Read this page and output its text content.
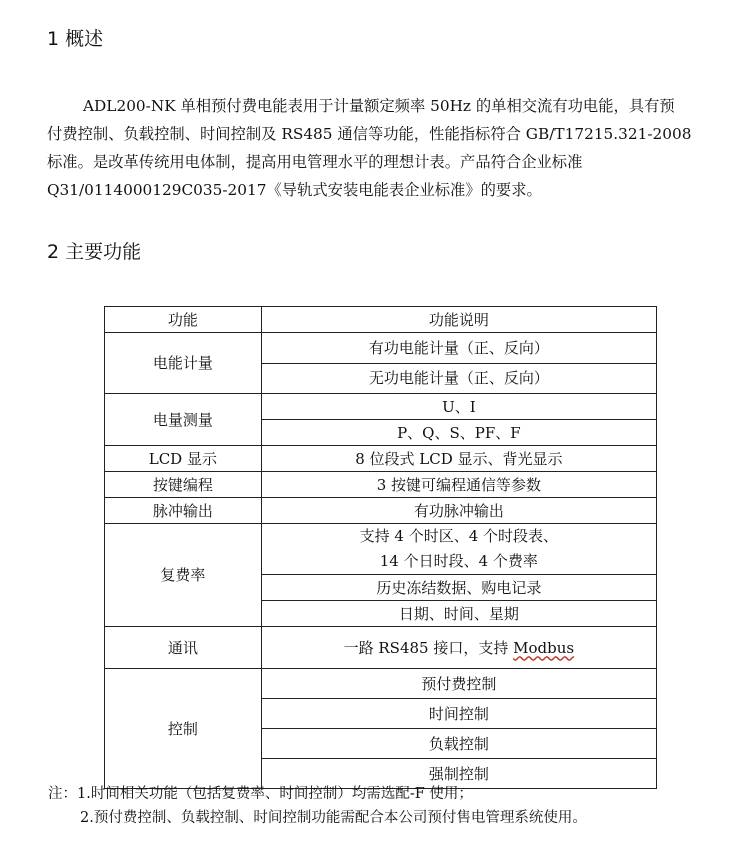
1 概述
ADL200-NK 单相预付费电能表用于计量额定频率 50Hz 的单相交流有功电能，具有预
付费控制、负载控制、时间控制及 RS485 通信等功能，性能指标符合 GB/T17215.321-2008
标准。是改革传统用电体制，提高用电管理水平的理想计表。产品符合企业标准
Q31/0114000129C035-2017《导轨式安装电能表企业标准》的要求。
2 主要功能
功能	功能说明
电能计量	有功电能计量（正、反向）
	无功电能计量（正、反向）
电量测量	U、I
	P、Q、S、PF、F
LCD 显示	8 位段式 LCD 显示、背光显示
按键编程	3 按键可编程通信等参数
脉冲输出	有功脉冲输出
复费率	支持 4 个时区、4 个时段表、
14 个日时段、4 个费率

	历史冻结数据、购电记录
	日期、时间、星期
通讯	一路 RS485 接口，支持 Modbus
控制	预付费控制
	时间控制
	负载控制
	强制控制
注：1.时间相关功能（包括复费率、时间控制）均需选配-F 使用；
2.预付费控制、负载控制、时间控制功能需配合本公司预付售电管理系统使用。
